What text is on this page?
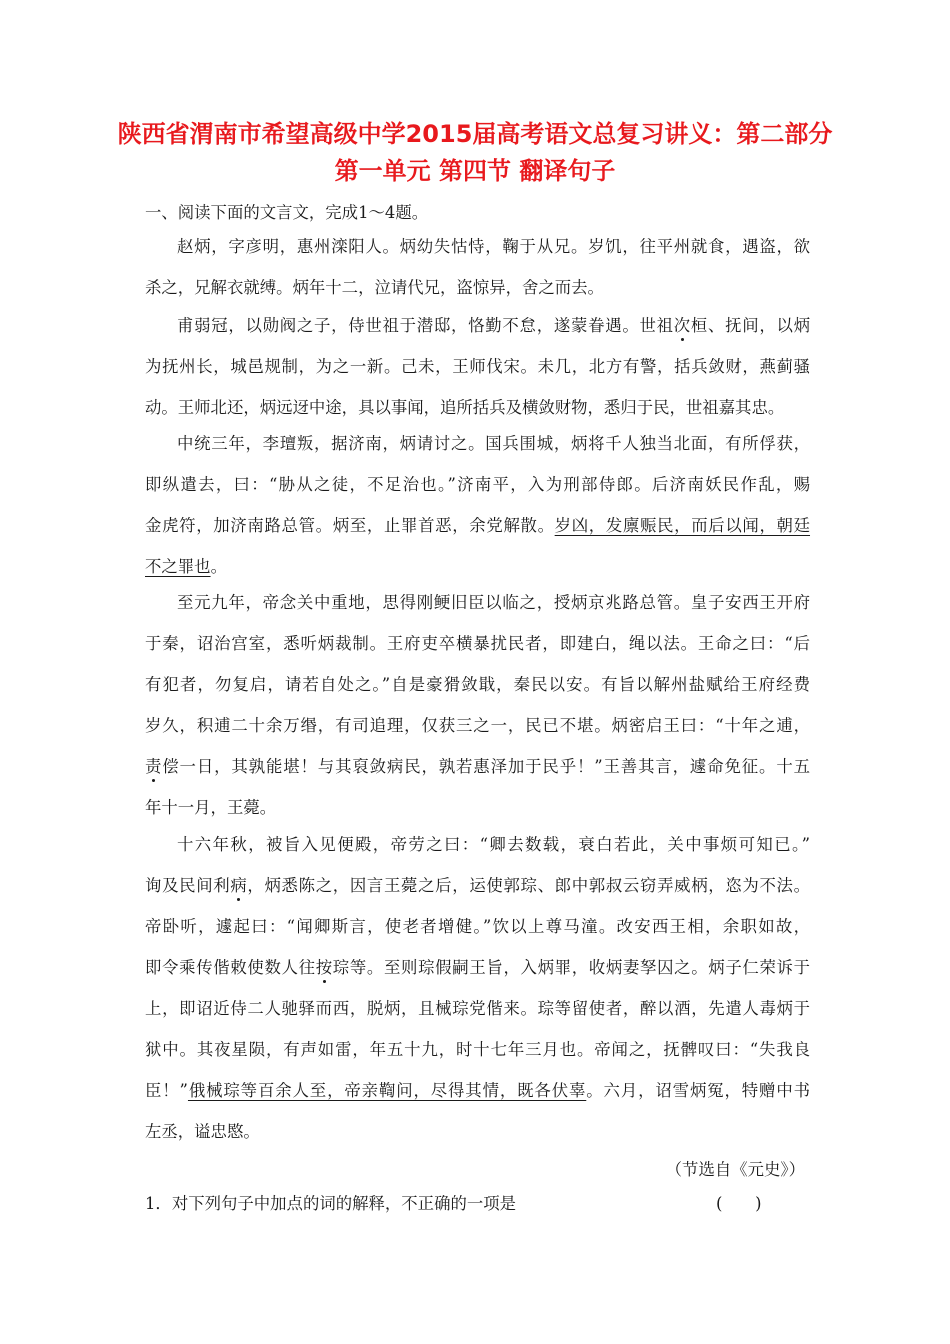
陕西省渭南市希望高级中学2015届高考语文总复习讲义：第二部分
第一单元 第四节 翻译句子
一、阅读下面的文言文，完成1～4题。
赵炳，字彦明，惠州滦阳人。炳幼失怙恃，鞠于从兄。岁饥，往平州就食，遇盗，欲
杀之，兄解衣就缚。炳年十二，泣请代兄，盗惊异，舍之而去。
甫弱冠，以勋阀之子，侍世祖于潜邸，恪勤不怠，遂蒙眷遇。世祖次桓、抚间，以炳
为抚州长，城邑规制，为之一新。己未，王师伐宋。未几，北方有警，括兵敛财，燕蓟骚
动。王师北还，炳远迓中途，具以事闻，追所括兵及横敛财物，悉归于民，世祖嘉其忠。
中统三年，李璮叛，据济南，炳请讨之。国兵围城，炳将千人独当北面，有所俘获，
即纵遣去，曰：“胁从之徒，不足治也。”济南平，入为刑部侍郎。后济南妖民作乱，赐
金虎符，加济南路总管。炳至，止罪首恶，余党解散。岁凶，发廪赈民，而后以闻，朝廷
不之罪也。
至元九年，帝念关中重地，思得刚鲠旧臣以临之，授炳京兆路总管。皇子安西王开府
于秦，诏治宫室，悉听炳裁制。王府吏卒横暴扰民者，即建白，绳以法。王命之曰：“后
有犯者，勿复启，请若自处之。”自是豪猾敛戢，秦民以安。有旨以解州盐赋给王府经费
岁久，积逋二十余万缗，有司追理，仅获三之一，民已不堪。炳密启王曰：“十年之逋，
责偿一日，其孰能堪！与其裒敛病民，孰若惠泽加于民乎！”王善其言，遽命免征。十五
年十一月，王薨。
十六年秋，被旨入见便殿，帝劳之曰：“卿去数载，衰白若此，关中事烦可知已。”
询及民间利病，炳悉陈之，因言王薨之后，运使郭琮、郎中郭叔云窃弄威柄，恣为不法。
帝卧听，遽起曰：“闻卿斯言，使老者增健。”饮以上尊马潼。改安西王相，余职如故，
即令乘传偕敕使数人往按琮等。至则琮假嗣王旨，入炳罪，收炳妻孥囚之。炳子仁荣诉于
上，即诏近侍二人驰驿而西，脱炳，且械琮党偕来。琮等留使者，醉以酒，先遣人毒炳于
狱中。其夜星陨，有声如雷，年五十九，时十七年三月也。帝闻之，抚髀叹曰：“失我良
臣！”俄械琮等百余人至，帝亲鞫问，尽得其情，既各伏辜。六月，诏雪炳冤，特赠中书
左丞，谥忠愍。
（节选自《元史》）
1．对下列句子中加点的词的解释，不正确的一项是	(　　)
